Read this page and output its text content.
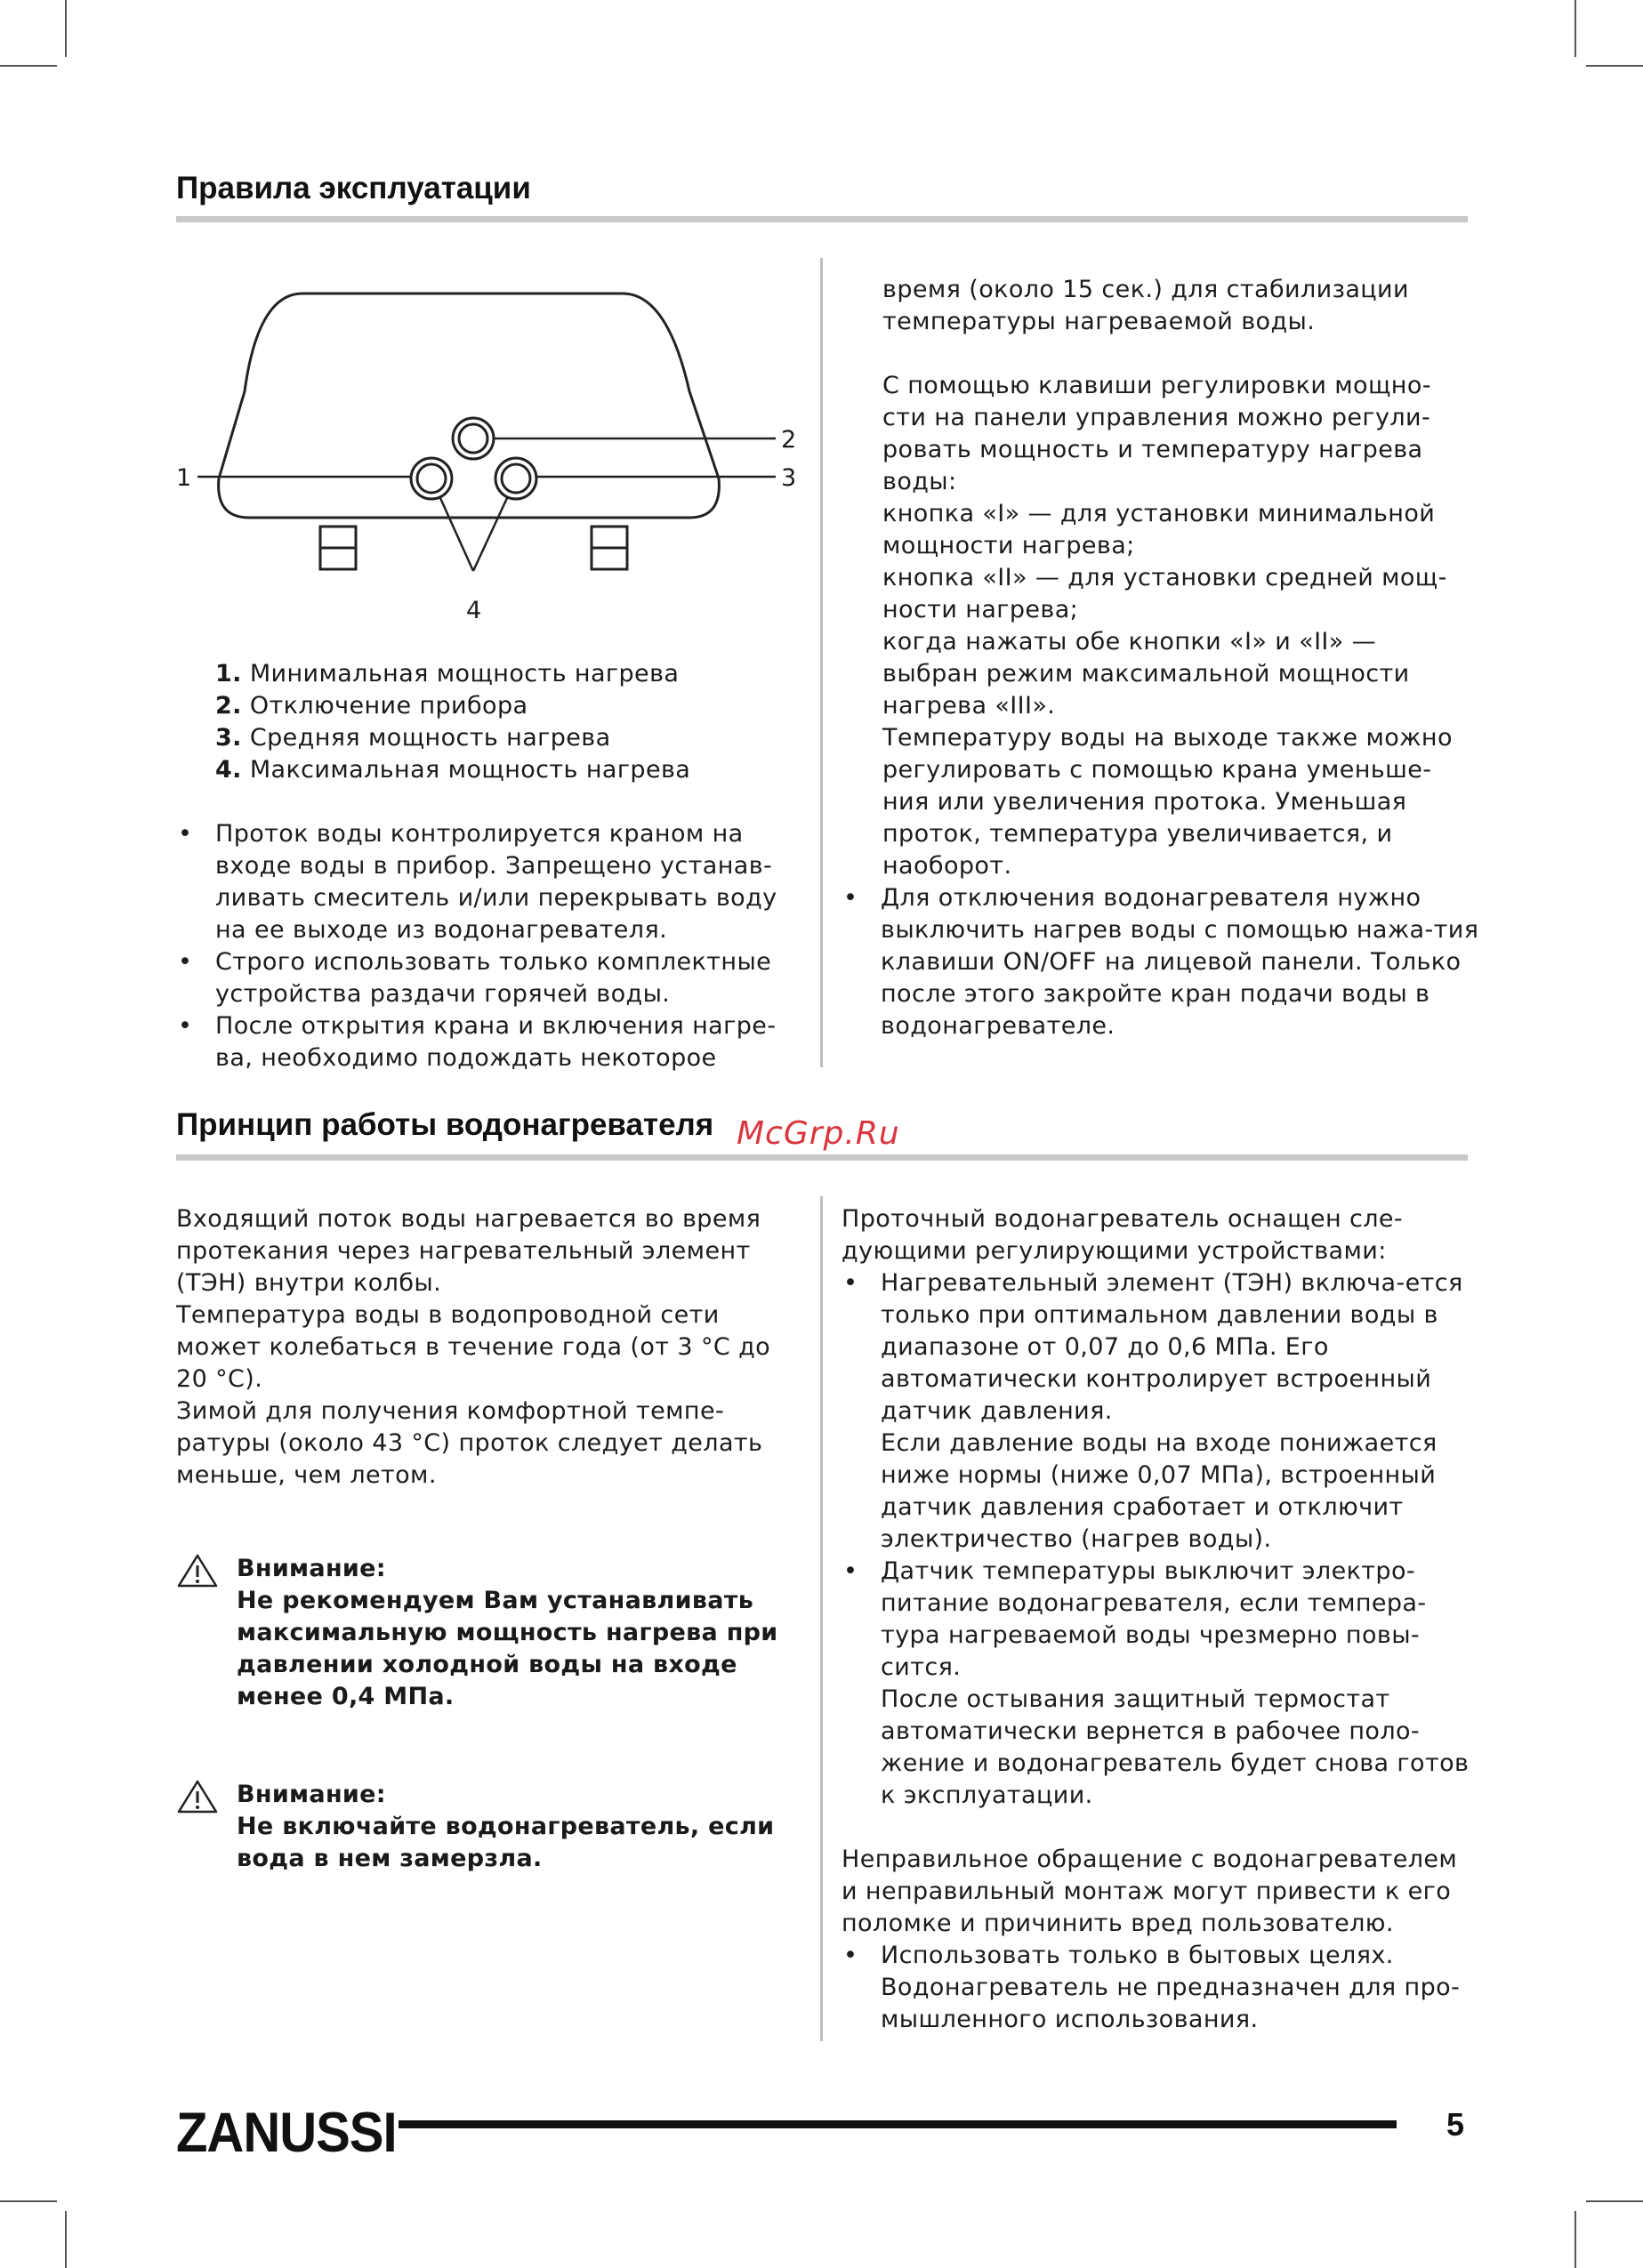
Правила эксплуатации
1
2
3
4

1. Минимальная мощность нагрева

2. Отключение прибора

3. Средняя мощность нагрева

4. Максимальная мощность нагрева

• Проток воды контролируется краном на входе воды в прибор. Запрещено устанав-ливать смеситель и/или перекрывать воду на ее выходе из водонагревателя.

• Строго использовать только комплектные устройства раздачи горячей воды.

• После открытия крана и включения нагре-ва, необходимо подождать некоторое

время (около 15 сек.) для стабилизации

температуры нагреваемой воды.

С помощью клавиши регулировки мощно-

сти на панели управления можно регули-

ровать мощность и температуру нагрева

воды:

кнопка «I» — для установки минимальной

мощности нагрева;

кнопка «II» — для установки средней мощ-

ности нагрева;

когда нажаты обе кнопки «I» и «II» —

выбран режим максимальной мощности

нагрева «III».

Температуру воды на выходе также можно

регулировать с помощью крана уменьше-

ния или увеличения протока. Уменьшая

проток, температура увеличивается, и

наоборот.

• Для отключения водонагревателя нужно выключить нагрев воды с помощью нажа-тия клавиши ON/OFF на лицевой панели. Только после этого закройте кран подачи воды в водонагревателе.

Принцип работы водонагревателя McGrp.Ru

Входящий поток воды нагревается во время

протекания через нагревательный элемент

(ТЭН) внутри колбы.

Температура воды в водопроводной сети

может колебаться в течение года (от 3 °С до

20 °С).

Зимой для получения комфортной темпе-

ратуры (около 43 °С) проток следует делать

меньше, чем летом.

Внимание:

Не рекомендуем Вам устанавливать максимальную мощность нагрева при давлении холодной воды на входе менее 0,4 МПа.

Внимание:

Не включайте водонагреватель, если вода в нем замерзла.

Проточный водонагреватель оснащен сле-дующими регулирующими устройствами:

• Нагревательный элемент (ТЭН) включа-ется только при оптимальном давлении воды в диапазоне от 0,07 до 0,6 МПа. Его автоматически контролирует встроенный датчик давления.

Если давление воды на входе понижается ниже нормы (ниже 0,07 МПа), встроенный датчик давления сработает и отключит электричество (нагрев воды).

• Датчик температуры выключит электро-питание водонагревателя, если темпера-тура нагреваемой воды чрезмерно повы-сится.

После остывания защитный термостат автоматически вернется в рабочее поло-жение и водонагреватель будет снова готов к эксплуатации.

Неправильное обращение с водонагревателем и неправильный монтаж могут привести к его поломке и причинить вред пользователю.

• Использовать только в бытовых целях. Водонагреватель не предназначен для про-мышленного использования.

ZANUSSI	5
